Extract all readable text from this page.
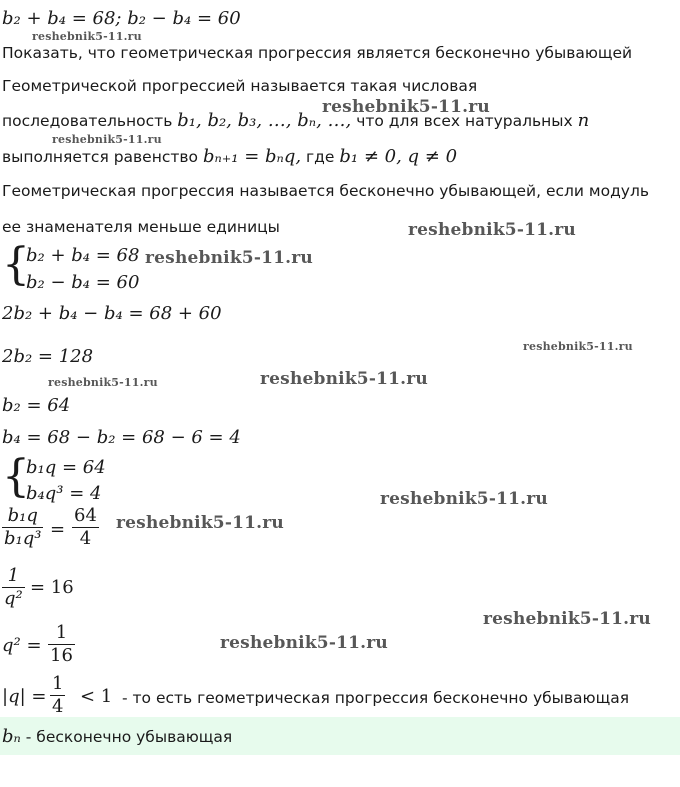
b₂ + b₄ = 68; b₂ − b₄ = 60
Показать, что геометрическая прогрессия является бесконечно убывающей
Геометрической прогрессией называется такая числовая
последовательность b₁, b₂, b₃, …, bₙ, …, что для всех натуральных n
выполняется равенство bₙ₊₁ = bₙq, где b₁ ≠ 0, q ≠ 0
Геометрическая прогрессия называется бесконечно убывающей, если модуль
ее знаменателя меньше единицы
{
b₂ + b₄ = 68
b₂ − b₄ = 60
2b₂ + b₄ − b₄ = 68 + 60
2b₂ = 128
b₂ = 64
b₄ = 68 − b₂ = 68 − 6 = 4
{
b₁q = 64
b₄q³ = 4
$\frac{\text{b₁q}}{\text{b₁q³}} = \frac{64}{4}$
$\frac{1}{\text{q²}} = 16$
$q^2 = \frac{1}{16}$
$|q| = \frac{1}{4} < 1$ - то есть геометрическая прогрессия бесконечно убывающая
bₙ - бесконечно убывающая
reshebnik5-11.ru
reshebnik5-11.ru
reshebnik5-11.ru
reshebnik5-11.ru
reshebnik5-11.ru
reshebnik5-11.ru
reshebnik5-11.ru	reshebnik5-11.ru
reshebnik5-11.ru
reshebnik5-11.ru
reshebnik5-11.ru
reshebnik5-11.ru
